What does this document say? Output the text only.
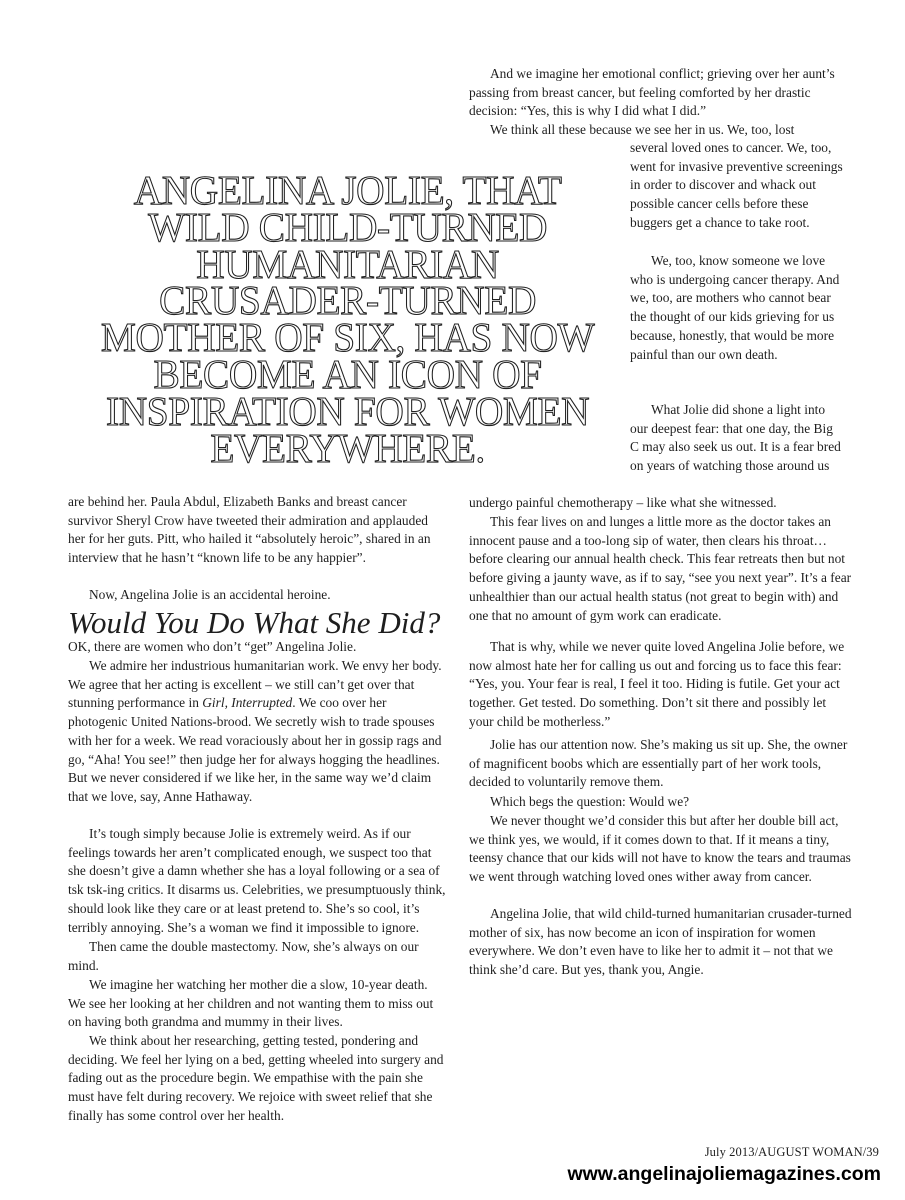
And we imagine her emotional conflict; grieving over her aunt’s passing from breast cancer, but feeling comforted by her drastic decision: “Yes, this is why I did what I did.”

We think all these because we see her in us. We, too, lost

several loved ones to cancer. We, too, went for invasive preventive screenings in order to discover and whack out possible cancer cells before these buggers get a chance to take root.

We, too, know someone we love who is undergoing cancer therapy. And we, too, are mothers who cannot bear the thought of our kids grieving for us because, honestly, that would be more painful than our own death.

What Jolie did shone a light into our deepest fear: that one day, the Big C may also seek us out. It is a fear bred on years of watching those around us

undergo painful chemotherapy – like what she witnessed.

ANGELINA JOLIE, THAT WILD CHILD-TURNED HUMANITARIAN CRUSADER-TURNED MOTHER OF SIX, HAS NOW BECOME AN ICON OF INSPIRATION FOR WOMEN EVERYWHERE.

are behind her. Paula Abdul, Elizabeth Banks and breast cancer survivor Sheryl Crow have tweeted their admiration and applauded her for her guts. Pitt, who hailed it “absolutely heroic”, shared in an interview that he hasn’t “known life to be any happier”.

Now, Angelina Jolie is an accidental heroine.

Would You Do What She Did?

OK, there are women who don’t “get” Angelina Jolie.

We admire her industrious humanitarian work. We envy her body. We agree that her acting is excellent – we still can’t get over that stunning performance in Girl, Interrupted. We coo over her photogenic United Nations-brood. We secretly wish to trade spouses with her for a week. We read voraciously about her in gossip rags and go, “Aha! You see!” then judge her for always hogging the headlines. But we never considered if we like her, in the same way we’d claim that we love, say, Anne Hathaway.

It’s tough simply because Jolie is extremely weird. As if our feelings towards her aren’t complicated enough, we suspect too that she doesn’t give a damn whether she has a loyal following or a sea of tsk tsk-ing critics. It disarms us. Celebrities, we presumptuously think, should look like they care or at least pretend to. She’s so cool, it’s terribly annoying. She’s a woman we find it impossible to ignore.

Then came the double mastectomy. Now, she’s always on our mind.

We imagine her watching her mother die a slow, 10-year death. We see her looking at her children and not wanting them to miss out on having both grandma and mummy in their lives.

We think about her researching, getting tested, pondering and deciding. We feel her lying on a bed, getting wheeled into surgery and fading out as the procedure begin. We empathise with the pain she must have felt during recovery. We rejoice with sweet relief that she finally has some control over her health.

This fear lives on and lunges a little more as the doctor takes an innocent pause and a too-long sip of water, then clears his throat…before clearing our annual health check. This fear retreats then but not before giving a jaunty wave, as if to say, “see you next year”. It’s a fear unhealthier than our actual health status (not great to begin with) and one that no amount of gym work can eradicate.

That is why, while we never quite loved Angelina Jolie before, we now almost hate her for calling us out and forcing us to face this fear: “Yes, you. Your fear is real, I feel it too. Hiding is futile. Get your act together. Get tested. Do something. Don’t sit there and possibly let your child be motherless.”

Jolie has our attention now. She’s making us sit up. She, the owner of magnificent boobs which are essentially part of her work tools, decided to voluntarily remove them.

Which begs the question: Would we?

We never thought we’d consider this but after her double bill act, we think yes, we would, if it comes down to that. If it means a tiny, teensy chance that our kids will not have to know the tears and traumas we went through watching loved ones wither away from cancer.

Angelina Jolie, that wild child-turned humanitarian crusader-turned mother of six, has now become an icon of inspiration for women everywhere. We don’t even have to like her to admit it – not that we think she’d care. But yes, thank you, Angie.

July 2013/AUGUST WOMAN/39

www.angelinajoliemagazines.com
